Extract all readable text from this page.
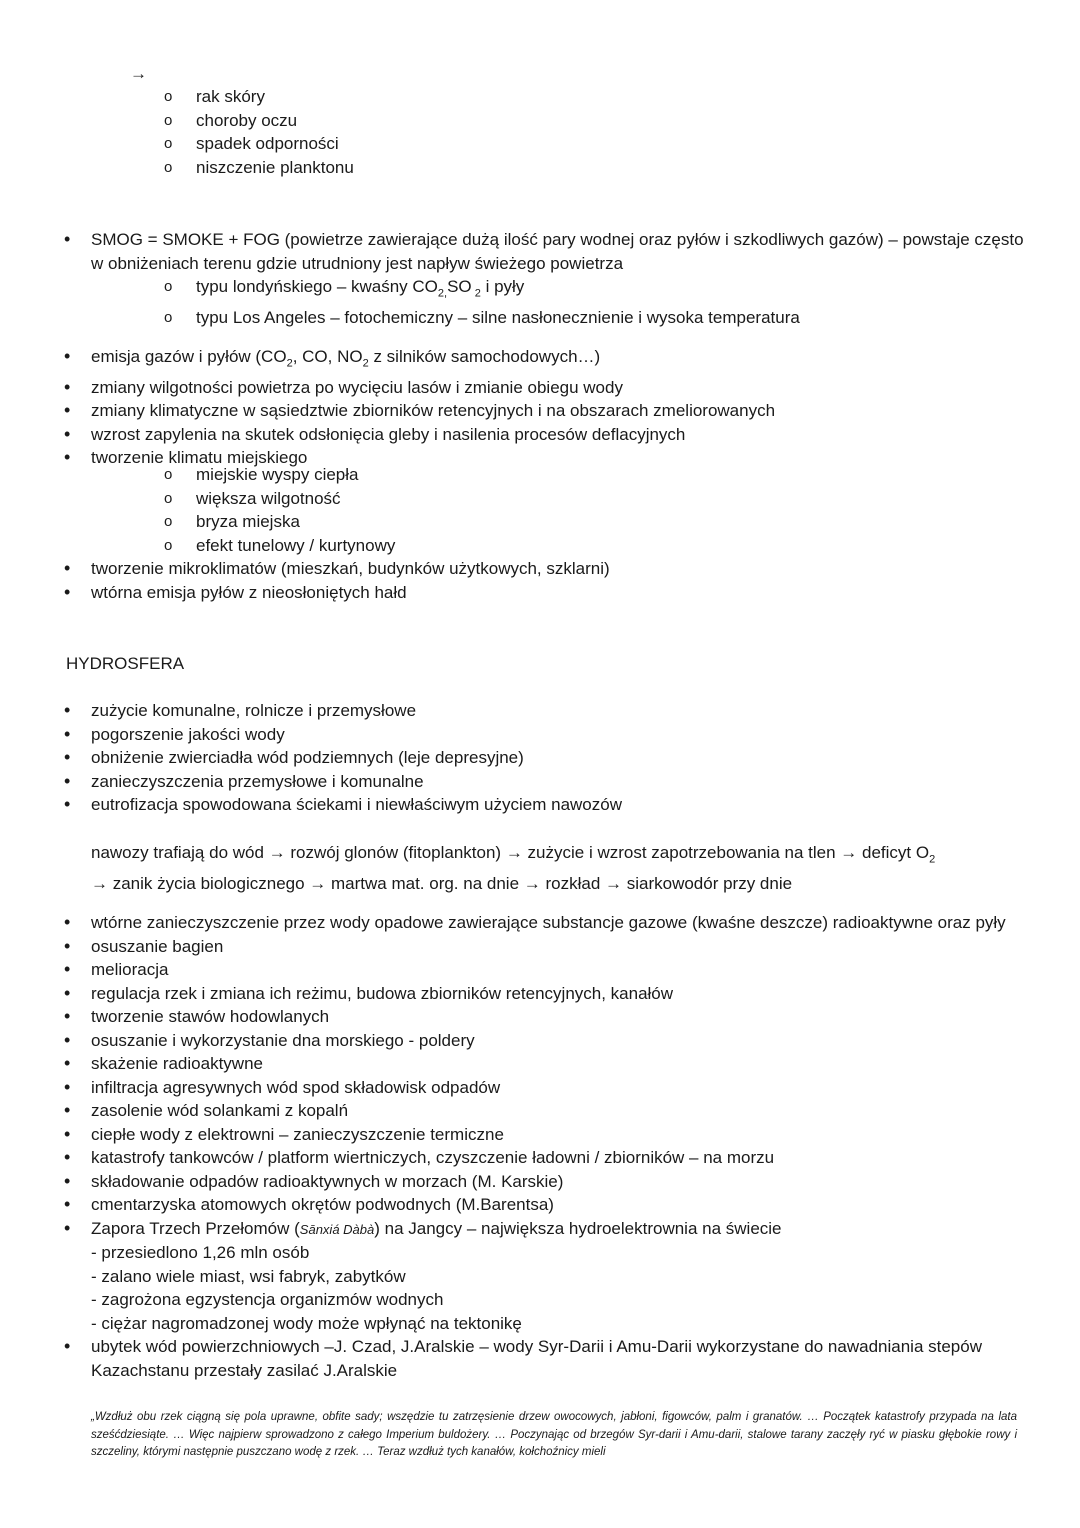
→
o	rak skóry
o	choroby oczu
o	spadek odporności
o	niszczenie planktonu
•	SMOG = SMOKE + FOG (powietrze zawierające dużą ilość pary wodnej oraz pyłów i szkodliwych gazów) – powstaje często w obniżeniach terenu gdzie utrudniony jest napływ świeżego powietrza
o	typu londyńskiego – kwaśny $CO_{2,}SO$ $_2$ i pyły
o	typu Los Angeles – fotochemiczny – silne nasłonecznienie i wysoka temperatura
•	emisja gazów i pyłów ($CO_2$, CO, $NO_2$ z silników samochodowych…)
•	zmiany wilgotności powietrza po wycięciu lasów i zmianie obiegu wody
•	zmiany klimatyczne w sąsiedztwie zbiorników retencyjnych i na obszarach zmeliorowanych
•	wzrost zapylenia na skutek odsłonięcia gleby i nasilenia procesów deflacyjnych
•	tworzenie klimatu miejskiego
o	miejskie wyspy ciepła
o	większa wilgotność
o	bryza miejska
o	efekt tunelowy / kurtynowy
•	tworzenie mikroklimatów (mieszkań, budynków użytkowych, szklarni)
•	wtórna emisja pyłów z nieosłoniętych hałd
HYDROSFERA
•	zużycie komunalne, rolnicze i przemysłowe
•	pogorszenie jakości wody
•	obniżenie zwierciadła wód podziemnych (leje depresyjne)
•	zanieczyszczenia przemysłowe i komunalne
•	eutrofizacja spowodowana ściekami i niewłaściwym użyciem nawozów
nawozy trafiają do wód → rozwój glonów (fitoplankton) → zużycie i wzrost zapotrzebowania na tlen → deficyt $O_2$
→ zanik życia biologicznego → martwa mat. org. na dnie → rozkład → siarkowodór przy dnie
•	wtórne zanieczyszczenie przez wody opadowe zawierające substancje gazowe (kwaśne deszcze) radioaktywne oraz pyły
•	osuszanie bagien
•	melioracja
•	regulacja rzek i zmiana ich reżimu, budowa zbiorników retencyjnych, kanałów
•	tworzenie stawów hodowlanych
•	osuszanie i wykorzystanie dna morskiego - poldery
•	skażenie radioaktywne
•	infiltracja agresywnych wód spod składowisk odpadów
•	zasolenie wód solankami z kopalń
•	ciepłe wody z elektrowni – zanieczyszczenie termiczne
•	katastrofy tankowców / platform wiertniczych, czyszczenie ładowni / zbiorników – na morzu
•	składowanie odpadów radioaktywnych w morzach (M. Karskie)
•	cmentarzyska atomowych okrętów podwodnych (M.Barentsa)
•	Zapora Trzech Przełomów (Sānxiá Dàbà) na Jangcy – największa hydroelektrownia na świecie
- przesiedlono 1,26 mln osób
- zalano wiele miast, wsi fabryk, zabytków
- zagrożona egzystencja organizmów wodnych
- ciężar nagromadzonej wody może wpłynąć na tektonikę
•	ubytek wód powierzchniowych –J. Czad, J.Aralskie – wody Syr-Darii i Amu-Darii wykorzystane do nawadniania stepów Kazachstanu przestały zasilać J.Aralskie
„Wzdłuż obu rzek ciągną się pola uprawne, obfite sady; wszędzie tu zatrzęsienie drzew owocowych, jabłoni, figowców, palm i granatów. … Początek katastrofy przypada na lata sześćdziesiąte. … Więc najpierw sprowadzono z całego Imperium buldożery. … Poczynając od brzegów Syr-darii i Amu-darii, stalowe tarany zaczęły ryć w piasku głębokie rowy i szczeliny, którymi następnie puszczano wodę z rzek. … Teraz wzdłuż tych kanałów, kołchoźnicy mieli
